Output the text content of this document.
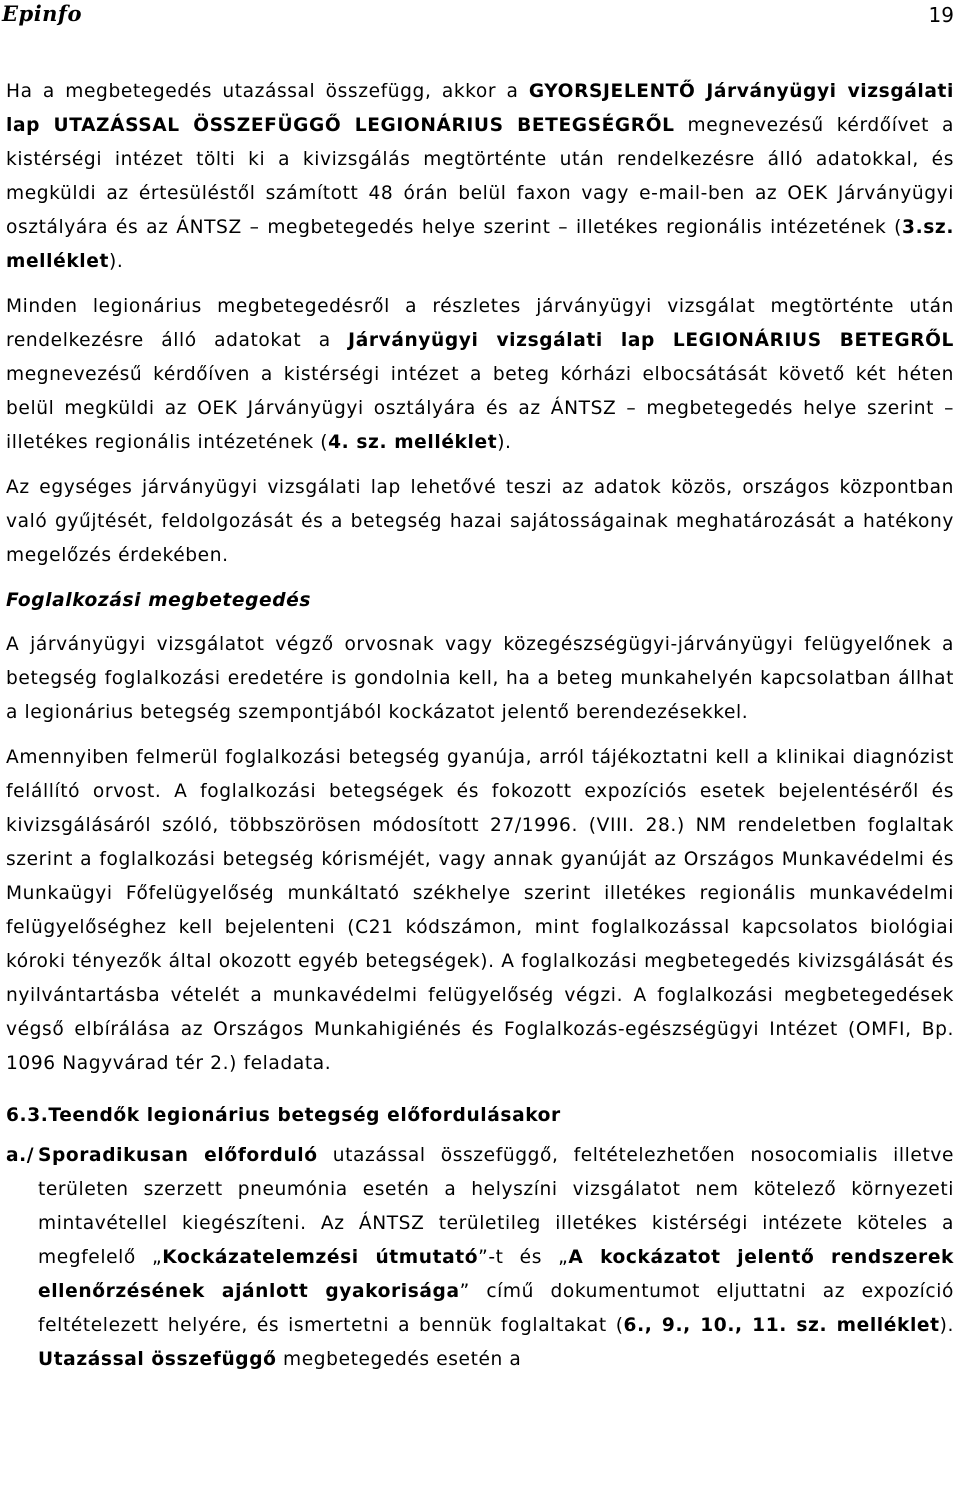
Epinfo	19

Ha a megbetegedés utazással összefügg, akkor a GYORSJELENTŐ Járványügyi vizsgálati lap UTAZÁSSAL ÖSSZEFÜGGŐ LEGIONÁRIUS BETEGSÉGRŐL megnevezésű kérdőívet a kistérségi intézet tölti ki a kivizsgálás megtörténte után rendelkezésre álló adatokkal, és megküldi az értesüléstől számított 48 órán belül faxon vagy e-mail-ben az OEK Járványügyi osztályára és az ÁNTSZ – megbetegedés helye szerint – illetékes regionális intézetének (3.sz. melléklet).

Minden legionárius megbetegedésről a részletes járványügyi vizsgálat megtörténte után rendelkezésre álló adatokat a Járványügyi vizsgálati lap LEGIONÁRIUS BETEGRŐL megnevezésű kérdőíven a kistérségi intézet a beteg kórházi elbocsátását követő két héten belül megküldi az OEK Járványügyi osztályára és az ÁNTSZ – megbetegedés helye szerint – illetékes regionális intézetének (4. sz. melléklet).

Az egységes járványügyi vizsgálati lap lehetővé teszi az adatok közös, országos központban való gyűjtését, feldolgozását és a betegség hazai sajátosságainak meghatározását a hatékony megelőzés érdekében.

Foglalkozási megbetegedés

A járványügyi vizsgálatot végző orvosnak vagy közegészségügyi-járványügyi felügyelőnek a betegség foglalkozási eredetére is gondolnia kell, ha a beteg munkahelyén kapcsolatban állhat a legionárius betegség szempontjából kockázatot jelentő berendezésekkel.

Amennyiben felmerül foglalkozási betegség gyanúja, arról tájékoztatni kell a klinikai diagnózist felállító orvost. A foglalkozási betegségek és fokozott expozíciós esetek bejelentéséről és kivizsgálásáról szóló, többszörösen módosított 27/1996. (VIII. 28.) NM rendeletben foglaltak szerint a foglalkozási betegség kórisméjét, vagy annak gyanúját az Országos Munkavédelmi és Munkaügyi Főfelügyelőség munkáltató székhelye szerint illetékes regionális munkavédelmi felügyelőséghez kell bejelenteni (C21 kódszámon, mint foglalkozással kapcsolatos biológiai kóroki tényezők által okozott egyéb betegségek). A foglalkozási megbetegedés kivizsgálását és nyilvántartásba vételét a munkavédelmi felügyelőség végzi. A foglalkozási megbetegedések végső elbírálása az Országos Munkahigiénés és Foglalkozás-egészségügyi Intézet (OMFI, Bp. 1096 Nagyvárad tér 2.) feladata.

6.3.Teendők legionárius betegség előfordulásakor

a./ Sporadikusan előforduló utazással összefüggő, feltételezhetően nosocomialis illetve területen szerzett pneumónia esetén a helyszíni vizsgálatot nem kötelező környezeti mintavétellel kiegészíteni. Az ÁNTSZ területileg illetékes kistérségi intézete köteles a megfelelő „Kockázatelemzési útmutató”-t és „A kockázatot jelentő rendszerek ellenőrzésének ajánlott gyakorisága” című dokumentumot eljuttatni az expozíció feltételezett helyére, és ismertetni a bennük foglaltakat (6., 9., 10., 11. sz. melléklet). Utazással összefüggő megbetegedés esetén a
